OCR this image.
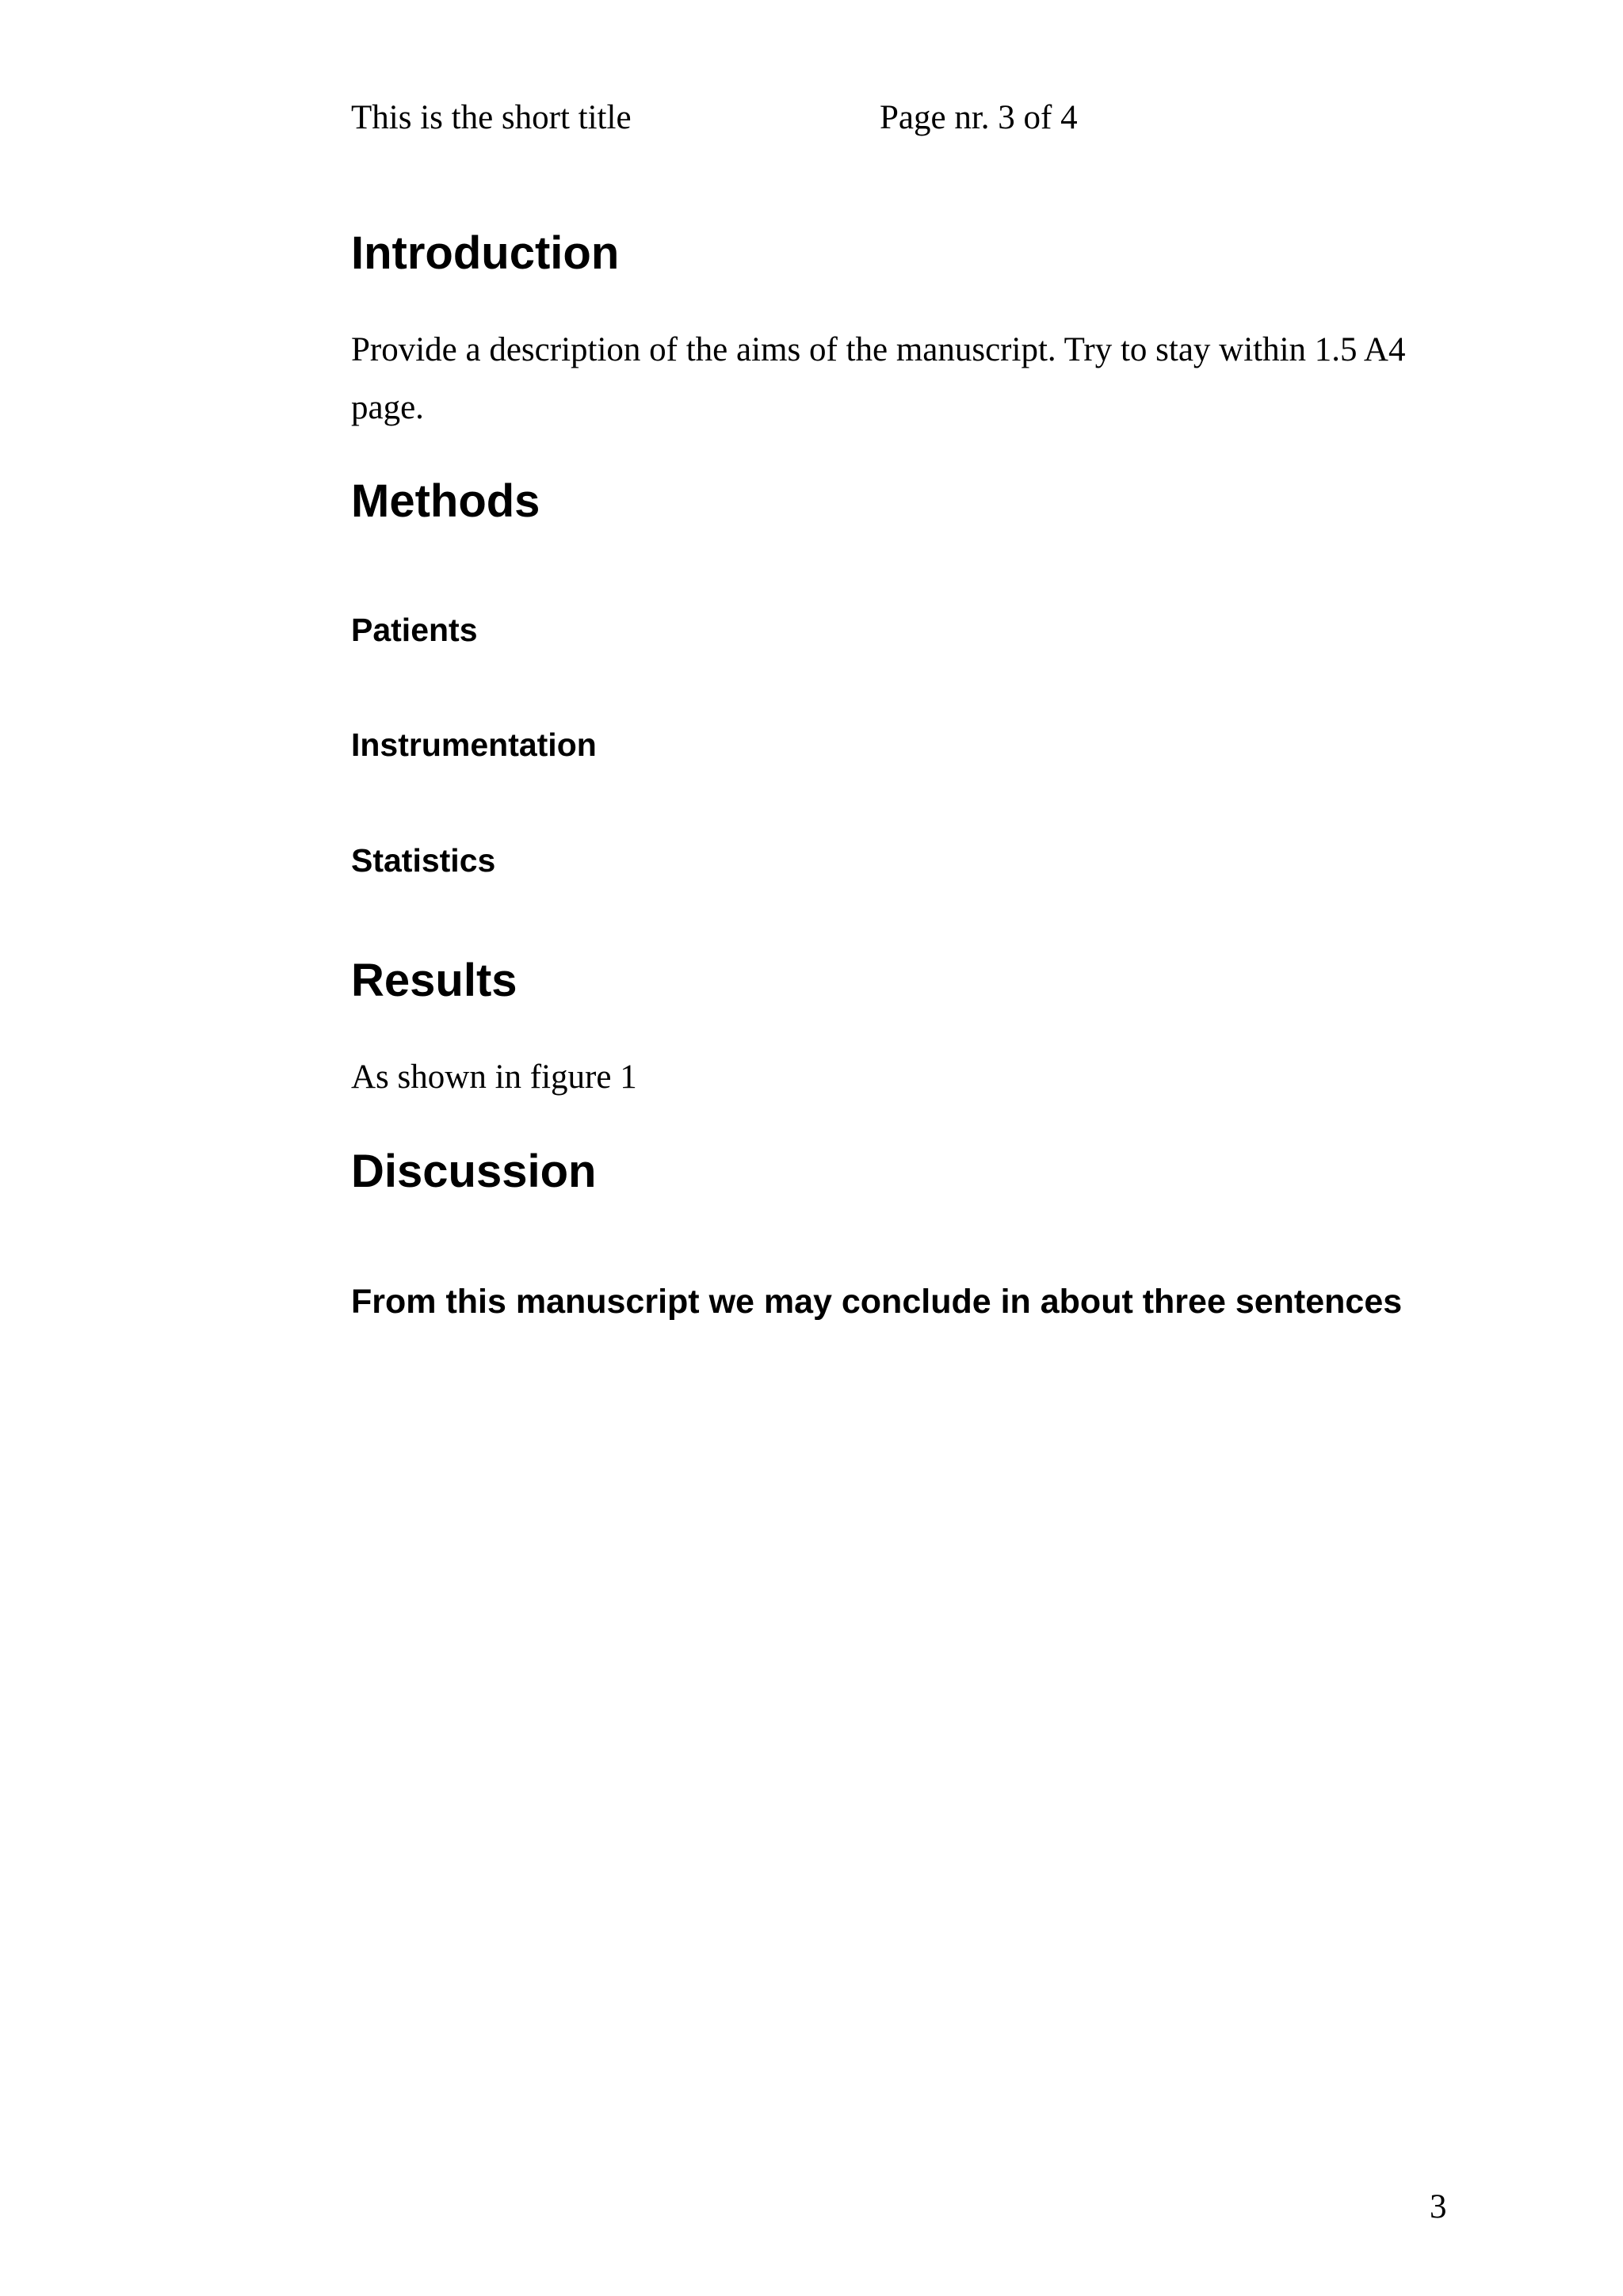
This is the short title	Page nr. 3 of 4
Introduction
Provide a description of the aims of the manuscript. Try to stay within 1.5 A4
page.
Methods
Patients
Instrumentation
Statistics
Results
As shown in figure 1
Discussion
From this manuscript we may conclude in about three sentences
3
